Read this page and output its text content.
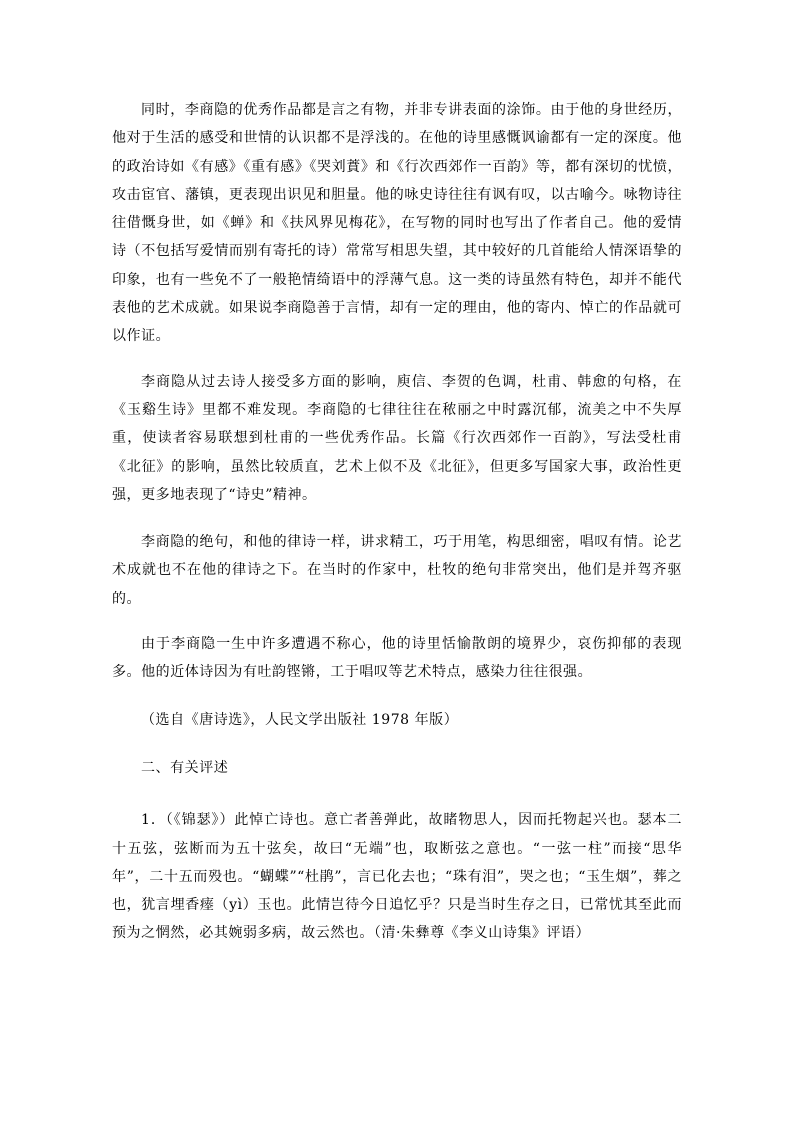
同时，李商隐的优秀作品都是言之有物，并非专讲表面的涂饰。由于他的身世经历，他对于生活的感受和世情的认识都不是浮浅的。在他的诗里感慨讽谕都有一定的深度。他的政治诗如《有感》《重有感》《哭刘蕡》和《行次西郊作一百韵》等，都有深切的忧愤，攻击宦官、藩镇，更表现出识见和胆量。他的咏史诗往往有讽有叹，以古喻今。咏物诗往往借慨身世，如《蝉》和《扶风界见梅花》，在写物的同时也写出了作者自己。他的爱情诗（不包括写爱情而别有寄托的诗）常常写相思失望，其中较好的几首能给人情深语挚的印象，也有一些免不了一般艳情绮语中的浮薄气息。这一类的诗虽然有特色，却并不能代表他的艺术成就。如果说李商隐善于言情，却有一定的理由，他的寄内、悼亡的作品就可以作证。

李商隐从过去诗人接受多方面的影响，庾信、李贺的色调，杜甫、韩愈的句格，在《玉谿生诗》里都不难发现。李商隐的七律往往在秾丽之中时露沉郁，流美之中不失厚重，使读者容易联想到杜甫的一些优秀作品。长篇《行次西郊作一百韵》，写法受杜甫《北征》的影响，虽然比较质直，艺术上似不及《北征》，但更多写国家大事，政治性更强，更多地表现了“诗史”精神。

李商隐的绝句，和他的律诗一样，讲求精工，巧于用笔，构思细密，唱叹有情。论艺术成就也不在他的律诗之下。在当时的作家中，杜牧的绝句非常突出，他们是并驾齐驱的。

由于李商隐一生中许多遭遇不称心，他的诗里恬愉散朗的境界少，哀伤抑郁的表现多。他的近体诗因为有吐韵铿锵，工于唱叹等艺术特点，感染力往往很强。

（选自《唐诗选》，人民文学出版社 1978 年版）

二、有关评述

1．（《锦瑟》）此悼亡诗也。意亡者善弹此，故睹物思人，因而托物起兴也。瑟本二十五弦，弦断而为五十弦矣，故曰“无端”也，取断弦之意也。“一弦一柱”而接“思华年”，二十五而殁也。“蝴蝶”“杜鹃”，言已化去也；“珠有泪”，哭之也；“玉生烟”，葬之也，犹言埋香瘗（yì）玉也。此情岂待今日追忆乎？只是当时生存之日，已常忧其至此而预为之惘然，必其婉弱多病，故云然也。（清·朱彝尊《李义山诗集》评语）
